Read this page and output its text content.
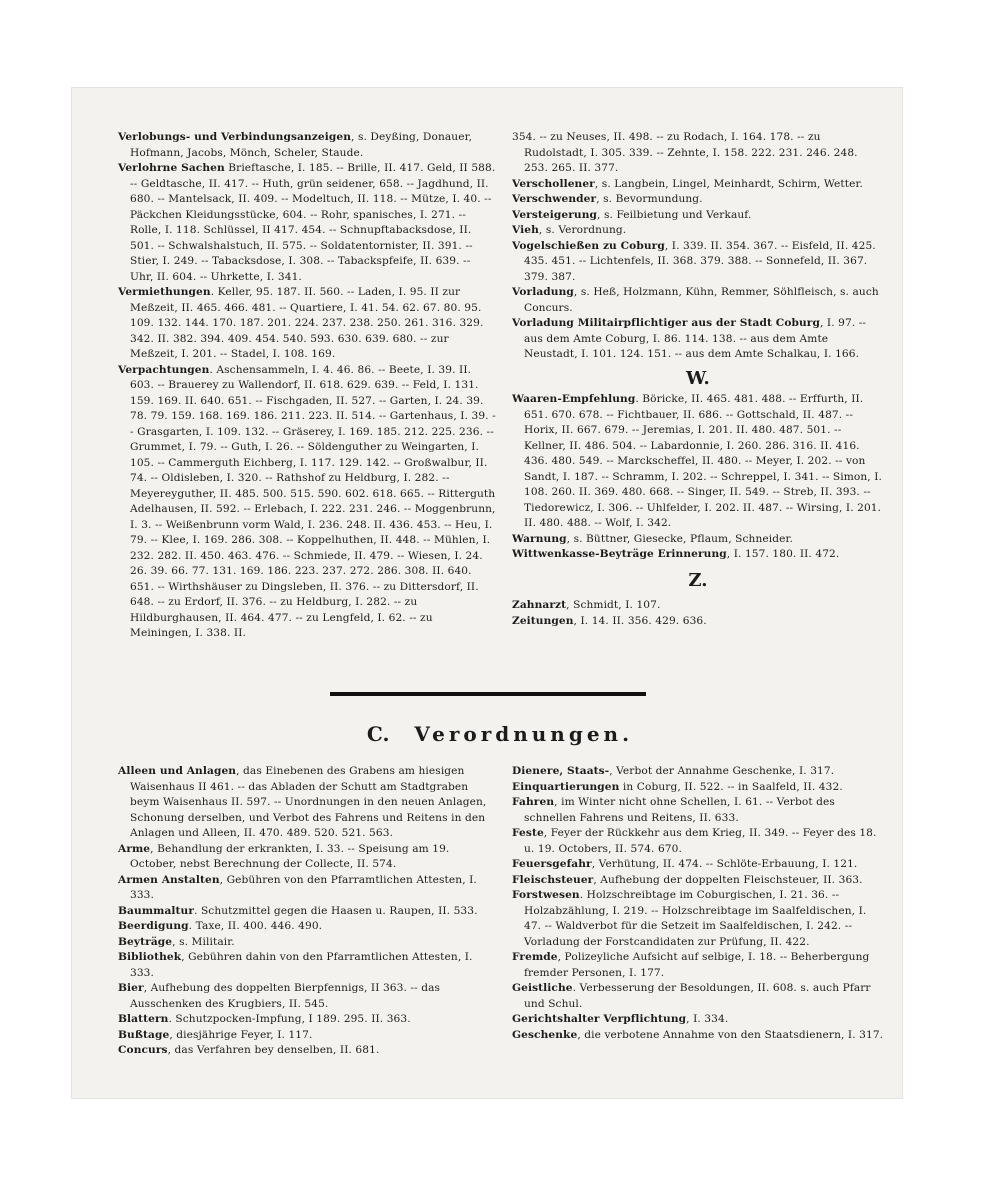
Verlobungs- und Verbindungsanzeigen, s. Deyßing, Donauer, Hofmann, Jacobs, Mönch, Scheler, Staude.

Verlohrne Sachen Brieftasche, I. 185. -- Brille, II. 417. Geld, II 588. -- Geldtasche, II. 417. -- Huth, grün seidener, 658. -- Jagdhund, II. 680. -- Mantelsack, II. 409. -- Modeltuch, II. 118. -- Mütze, I. 40. -- Päckchen Kleidungsstücke, 604. -- Rohr, spanisches, I. 271. -- Rolle, I. 118. Schlüssel, II 417. 454. -- Schnupftabacksdose, II. 501. -- Schwalshalstuch, II. 575. -- Soldatentornister, II. 391. -- Stier, I. 249. -- Tabacksdose, I. 308. -- Tabackspfeife, II. 639. -- Uhr, II. 604. -- Uhrkette, I. 341.

Vermiethungen. Keller, 95. 187. II. 560. -- Laden, I. 95. II zur Meßzeit, II. 465. 466. 481. -- Quartiere, I. 41. 54. 62. 67. 80. 95. 109. 132. 144. 170. 187. 201. 224. 237. 238. 250. 261. 316. 329. 342. II. 382. 394. 409. 454. 540. 593. 630. 639. 680. -- zur Meßzeit, I. 201. -- Stadel, I. 108. 169.

Verpachtungen. Aschensammeln, I. 4. 46. 86. -- Beete, I. 39. II. 603. -- Brauerey zu Wallendorf, II. 618. 629. 639. -- Feld, I. 131. 159. 169. II. 640. 651. -- Fischgaden, II. 527. -- Garten, I. 24. 39. 78. 79. 159. 168. 169. 186. 211. 223. II. 514. -- Gartenhaus, I. 39. -- Grasgarten, I. 109. 132. -- Gräserey, I. 169. 185. 212. 225. 236. -- Grummet, I. 79. -- Guth, I. 26. -- Söldenguther zu Weingarten, I. 105. -- Cammerguth Eichberg, I. 117. 129. 142. -- Großwalbur, II. 74. -- Oldisleben, I. 320. -- Rathshof zu Heldburg, I. 282. -- Meyereyguther, II. 485. 500. 515. 590. 602. 618. 665. -- Ritterguth Adelhausen, II. 592. -- Erlebach, I. 222. 231. 246. -- Moggenbrunn, I. 3. -- Weißenbrunn vorm Wald, I. 236. 248. II. 436. 453. -- Heu, I. 79. -- Klee, I. 169. 286. 308. -- Koppelhuthen, II. 448. -- Mühlen, I. 232. 282. II. 450. 463. 476. -- Schmiede, II. 479. -- Wiesen, I. 24. 26. 39. 66. 77. 131. 169. 186. 223. 237. 272. 286. 308. II. 640. 651. -- Wirthshäuser zu Dingsleben, II. 376. -- zu Dittersdorf, II. 648. -- zu Erdorf, II. 376. -- zu Heldburg, I. 282. -- zu Hildburghausen, II. 464. 477. -- zu Lengfeld, I. 62. -- zu Meiningen, I. 338. II.

354. -- zu Neuses, II. 498. -- zu Rodach, I. 164. 178. -- zu Rudolstadt, I. 305. 339. -- Zehnte, I. 158. 222. 231. 246. 248. 253. 265. II. 377.

Verschollener, s. Langbein, Lingel, Meinhardt, Schirm, Wetter.

Verschwender, s. Bevormundung.

Versteigerung, s. Feilbietung und Verkauf.

Vieh, s. Verordnung.

Vogelschießen zu Coburg, I. 339. II. 354. 367. -- Eisfeld, II. 425. 435. 451. -- Lichtenfels, II. 368. 379. 388. -- Sonnefeld, II. 367. 379. 387.

Vorladung, s. Heß, Holzmann, Kühn, Remmer, Söhlfleisch, s. auch Concurs.

Vorladung Militairpflichtiger aus der Stadt Coburg, I. 97. -- aus dem Amte Coburg, I. 86. 114. 138. -- aus dem Amte Neustadt, I. 101. 124. 151. -- aus dem Amte Schalkau, I. 166.

W.

Waaren-Empfehlung. Böricke, II. 465. 481. 488. -- Erffurth, II. 651. 670. 678. -- Fichtbauer, II. 686. -- Gottschald, II. 487. -- Horix, II. 667. 679. -- Jeremias, I. 201. II. 480. 487. 501. -- Kellner, II. 486. 504. -- Labardonnie, I. 260. 286. 316. II. 416. 436. 480. 549. -- Marckscheffel, II. 480. -- Meyer, I. 202. -- von Sandt, I. 187. -- Schramm, I. 202. -- Schreppel, I. 341. -- Simon, I. 108. 260. II. 369. 480. 668. -- Singer, II. 549. -- Streb, II. 393. -- Tiedorewicz, I. 306. -- Uhlfelder, I. 202. II. 487. -- Wirsing, I. 201. II. 480. 488. -- Wolf, I. 342.

Warnung, s. Büttner, Giesecke, Pflaum, Schneider.

Wittwenkasse-Beyträge Erinnerung, I. 157. 180. II. 472.

Z.

Zahnarzt, Schmidt, I. 107.

Zeitungen, I. 14. II. 356. 429. 636.

C. Verordnungen.

Alleen und Anlagen, das Einebenen des Grabens am hiesigen Waisenhaus II 461. -- das Abladen der Schutt am Stadtgraben beym Waisenhaus II. 597. -- Unordnungen in den neuen Anlagen, Schonung derselben, und Verbot des Fahrens und Reitens in den Anlagen und Alleen, II. 470. 489. 520. 521. 563.

Arme, Behandlung der erkrankten, I. 33. -- Speisung am 19. October, nebst Berechnung der Collecte, II. 574.

Armen Anstalten, Gebühren von den Pfarramtlichen Attesten, I. 333.

Baummaltur. Schutzmittel gegen die Haasen u. Raupen, II. 533.

Beerdigung. Taxe, II. 400. 446. 490.

Beyträge, s. Militair.

Bibliothek, Gebühren dahin von den Pfarramtlichen Attesten, I. 333.

Bier, Aufhebung des doppelten Bierpfennigs, II 363. -- das Ausschenken des Krugbiers, II. 545.

Blattern. Schutzpocken-Impfung, I 189. 295. II. 363.

Bußtage, diesjährige Feyer, I. 117.

Concurs, das Verfahren bey denselben, II. 681.

Dienere, Staats-, Verbot der Annahme Geschenke, I. 317.

Einquartierungen in Coburg, II. 522. -- in Saalfeld, II. 432.

Fahren, im Winter nicht ohne Schellen, I. 61. -- Verbot des schnellen Fahrens und Reitens, II. 633.

Feste, Feyer der Rückkehr aus dem Krieg, II. 349. -- Feyer des 18. u. 19. Octobers, II. 574. 670.

Feuersgefahr, Verhütung, II. 474. -- Schlöte-Erbauung, I. 121.

Fleischsteuer, Aufhebung der doppelten Fleischsteuer, II. 363.

Forstwesen. Holzschreibtage im Coburgischen, I. 21. 36. -- Holzabzählung, I. 219. -- Holzschreibtage im Saalfeldischen, I. 47. -- Waldverbot für die Setzeit im Saalfeldischen, I. 242. -- Vorladung der Forstcandidaten zur Prüfung, II. 422.

Fremde, Polizeyliche Aufsicht auf selbige, I. 18. -- Beherbergung fremder Personen, I. 177.

Geistliche. Verbesserung der Besoldungen, II. 608. s. auch Pfarr und Schul.

Gerichtshalter Verpflichtung, I. 334.

Geschenke, die verbotene Annahme von den Staatsdienern, I. 317.
